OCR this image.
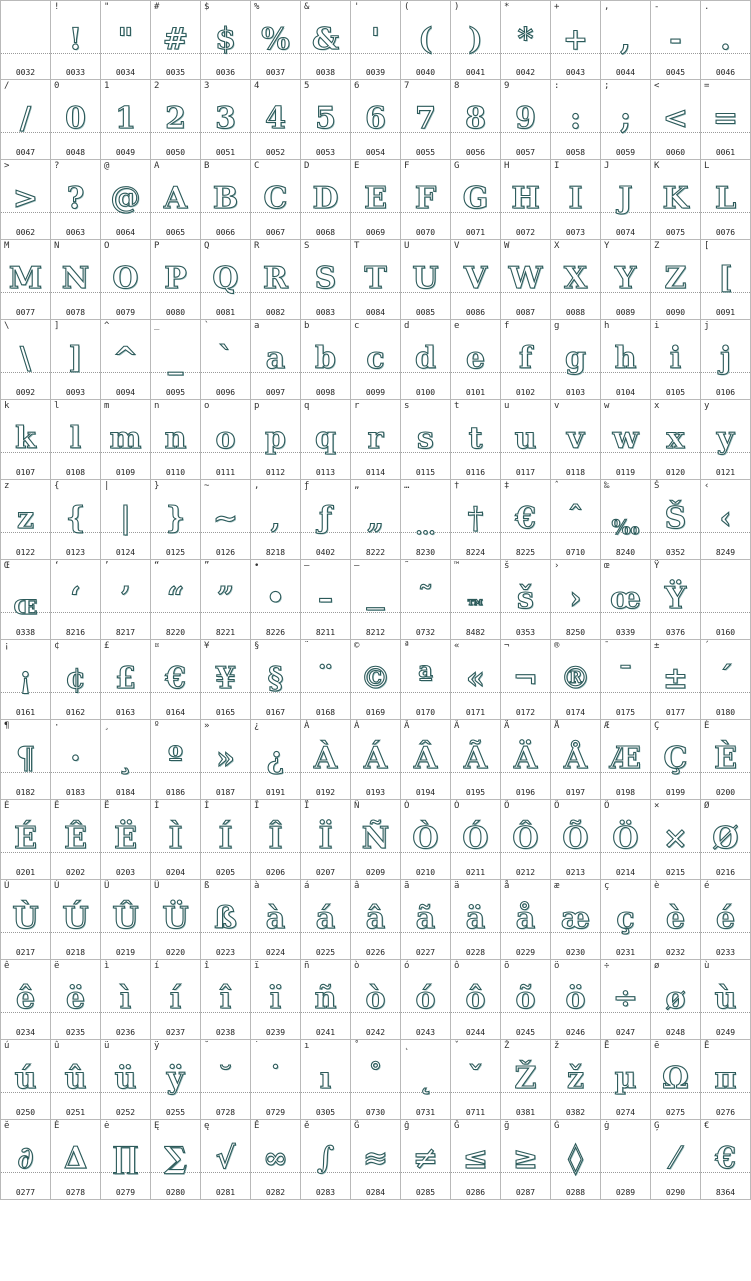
0032
!
!
0033
"
"
0034
#
#
0035
$
$
0036
%
%
0037
&
&
0038
'
'
0039
(
(
0040
)
)
0041
*
*
0042
+
+
0043
,
,
0044
-
-
0045
.
.
0046
/
/
0047
0
0
0048
1
1
0049
2
2
0050
3
3
0051
4
4
0052
5
5
0053
6
6
0054
7
7
0055
8
8
0056
9
9
0057
:
:
0058
;
;
0059
<
<
0060
=
=
0061
>
>
0062
?
?
0063
@
@
0064
A
A
0065
B
B
0066
C
C
0067
D
D
0068
E
E
0069
F
F
0070
G
G
0071
H
H
0072
I
I
0073
J
J
0074
K
K
0075
L
L
0076
M
M
0077
N
N
0078
O
O
0079
P
P
0080
Q
Q
0081
R
R
0082
S
S
0083
T
T
0084
U
U
0085
V
V
0086
W
W
0087
X
X
0088
Y
Y
0089
Z
Z
0090
[
[
0091
\
\
0092
]
]
0093
^
^
0094
_
_
0095
`
`
0096
a
a
0097
b
b
0098
c
c
0099
d
d
0100
e
e
0101
f
f
0102
g
g
0103
h
h
0104
i
i
0105
j
j
0106
k
k
0107
l
l
0108
m
m
0109
n
n
0110
o
o
0111
p
p
0112
q
q
0113
r
r
0114
s
s
0115
t
t
0116
u
u
0117
v
v
0118
w
w
0119
x
x
0120
y
y
0121
z
z
0122
{
{
0123
|
|
0124
}
}
0125
~
~
0126
‚
‚
8218
ƒ
ƒ
0402
„
„
8222
…
…
8230
†
†
8224
‡
€
8225
ˆ
ˆ
0710
‰
‰
8240
Š
Š
0352
‹
‹
8249
Œ
Œ
0338
‘
‘
8216
’
’
8217
“
“
8220
”
”
8221
•
•
8226
–
–
8211
—
—
8212
˜
˜
0732
™
™
8482
š
š
0353
›
›
8250
œ
œ
0339
Ÿ
Ÿ
0376	0160
¡
¡
0161
¢
¢
0162
£
£
0163
¤
€
0164
¥
¥
0165
§
§
0167
¨
¨
0168
©
©
0169
ª
ª
0170
«
«
0171
¬
¬
0172
®
®
0174
¯
¯
0175
±
±
0177
´
´
0180
¶
¶
0182
·
·
0183
¸
¸
0184
º
º
0186
»
»
0187
¿
¿
0191
À
À
0192
Á
Á
0193
Â
Â
0194
Ã
Ã
0195
Ä
Ä
0196
Å
Å
0197
Æ
Æ
0198
Ç
Ç
0199
È
È
0200
É
É
0201
Ê
Ê
0202
Ë
Ë
0203
Ì
Ì
0204
Í
Í
0205
Î
Î
0206
Ï
Ï
0207
Ñ
Ñ
0209
Ò
Ò
0210
Ó
Ó
0211
Ô
Ô
0212
Õ
Õ
0213
Ö
Ö
0214
×
×
0215
Ø
Ø
0216
Ù
Ù
0217
Ú
Ú
0218
Û
Û
0219
Ü
Ü
0220
ß
ß
0223
à
à
0224
á
á
0225
â
â
0226
ã
ã
0227
ä
ä
0228
å
å
0229
æ
æ
0230
ç
ç
0231
è
è
0232
é
é
0233
ê
ê
0234
ë
ë
0235
ì
ì
0236
í
í
0237
î
î
0238
ï
ï
0239
ñ
ñ
0241
ò
ò
0242
ó
ó
0243
ô
ô
0244
õ
õ
0245
ö
ö
0246
÷
÷
0247
ø
ø
0248
ù
ù
0249
ú
ú
0250
û
û
0251
ü
ü
0252
ÿ
ÿ
0255
˘
˘
0728
˙
˙
0729
ı
ı
0305
˚
˚
0730
˛
˛
0731
ˇ
ˇ
0711
Ž
Ž
0381
ž
ž
0382
Ē
µ
0274
ē
Ω
0275
Ĕ
π
0276
ĕ
∂
0277
Ė
∆
0278
ė
∏
0279
Ę
∑
0280
ę
√
0281
Ě
∞
0282
ě
∫
0283
Ĝ
≈
0284
ĝ
≠
0285
Ğ
≤
0286
ğ
≥
0287
Ġ
◊
0288
ġ
0289
Ģ
⁄
0290
€
€
8364
